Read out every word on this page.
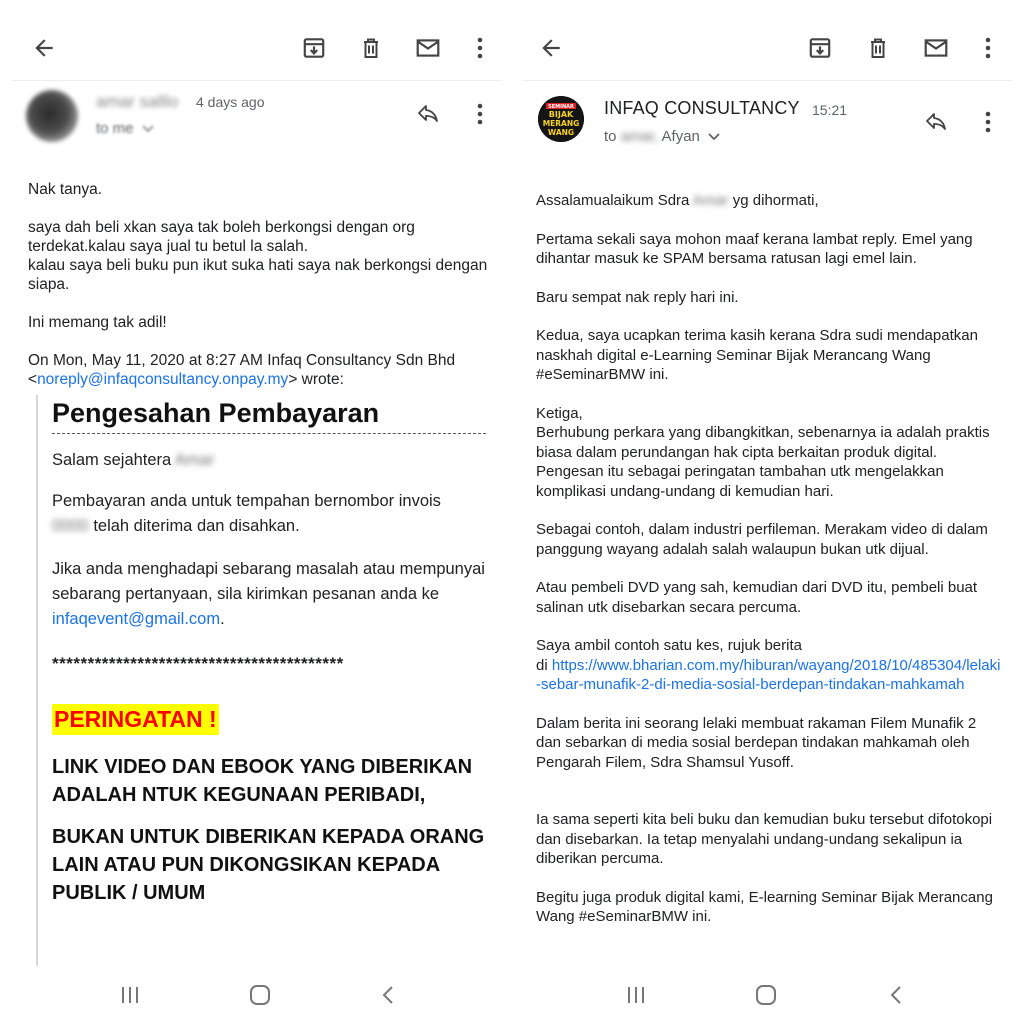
amar salllo 4 days ago
to me

Nak tanya.

saya dah beli xkan saya tak boleh berkongsi dengan org terdekat.kalau saya jual tu betul la salah.

kalau saya beli buku pun ikut suka hati saya nak berkongsi dengan siapa.

Ini memang tak adil!

On Mon, May 11, 2020 at 8:27 AM Infaq Consultancy Sdn Bhd
<noreply@infaqconsultancy.onpay.my> wrote:
Pengesahan Pembayaran
Salam sejahtera Amar
Pembayaran anda untuk tempahan bernombor invois
0000 telah diterima dan disahkan.
Jika anda menghadapi sebarang masalah atau mempunyai sebarang pertanyaan, sila kirimkan pesanan anda ke infaqevent@gmail.com.
*****************************************
PERINGATAN !
LINK VIDEO DAN EBOOK YANG DIBERIKAN ADALAH NTUK KEGUNAAN PERIBADI,
BUKAN UNTUK DIBERIKAN KEPADA ORANG LAIN ATAU PUN DIKONGSIKAN KEPADA PUBLIK / UMUM
SEMINAR
BIJAK
MERANG
WANG
INFAQ CONSULTANCY 15:21
to amar, Afyan

Assalamualaikum Sdra Amar yg dihormati,

Pertama sekali saya mohon maaf kerana lambat reply. Emel yang dihantar masuk ke SPAM bersama ratusan lagi emel lain.

Baru sempat nak reply hari ini.

Kedua, saya ucapkan terima kasih kerana Sdra sudi mendapatkan naskhah digital e-Learning Seminar Bijak Merancang Wang #eSeminarBMW ini.

Ketiga,
Berhubung perkara yang dibangkitkan, sebenarnya ia adalah praktis biasa dalam perundangan hak cipta berkaitan produk digital. Pengesan itu sebagai peringatan tambahan utk mengelakkan komplikasi undang-undang di kemudian hari.

Sebagai contoh, dalam industri perfileman. Merakam video di dalam panggung wayang adalah salah walaupun bukan utk dijual.

Atau pembeli DVD yang sah, kemudian dari DVD itu, pembeli buat salinan utk disebarkan secara percuma.

Saya ambil contoh satu kes, rujuk berita
di https://www.bharian.com.my/hiburan/wayang/2018/10/485304/lelaki-sebar-munafik-2-di-media-sosial-berdepan-tindakan-mahkamah

Dalam berita ini seorang lelaki membuat rakaman Filem Munafik 2 dan sebarkan di media sosial berdepan tindakan mahkamah oleh Pengarah Filem, Sdra Shamsul Yusoff.

Ia sama seperti kita beli buku dan kemudian buku tersebut difotokopi dan disebarkan. Ia tetap menyalahi undang-undang sekalipun ia diberikan percuma.

Begitu juga produk digital kami, E-learning Seminar Bijak Merancang Wang #eSeminarBMW ini.
